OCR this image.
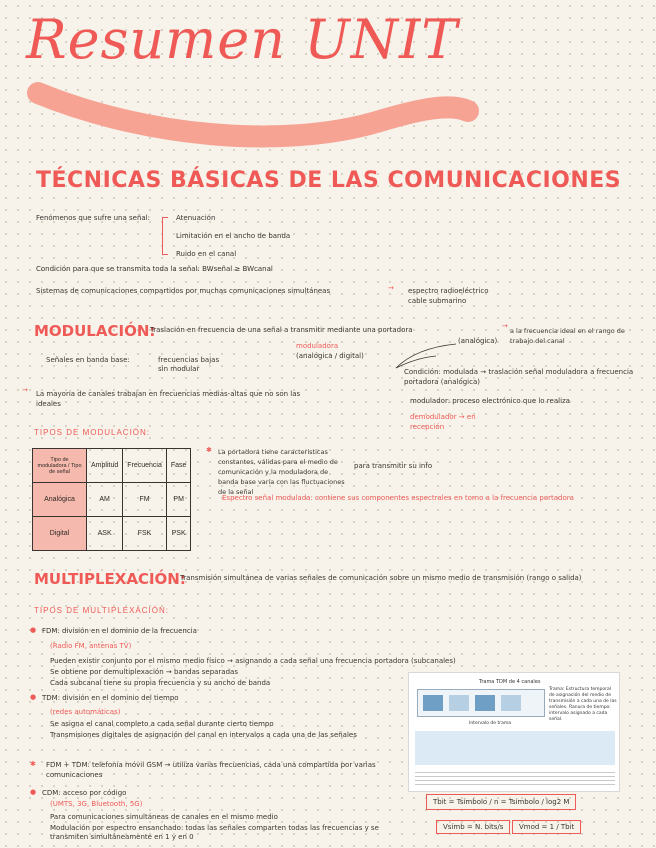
Resumen UNIT
TÉCNICAS BÁSICAS DE LAS COMUNICACIONES
Fenómenos que sufre una señal:	Atenuación
Limitación en el ancho de banda
Ruido en el canal
Condición para que se transmita toda la señal: BWseñal ≥ BWcanal
Sistemas de comunicaciones compartidos por muchas comunicaciones simultáneas	→ espectro radioeléctrico
cable submarino
MODULACIÓN:
Traslación en frecuencia de una señal a transmitir mediante una portadora	→
a la frecuencia ideal en el rango de trabajo del canal
(analógica)
moduladora
(analógica / digital)
Señales en banda base:	frecuencias bajas sin modular	Condición: modulada → traslación señal moduladora a frecuencia portadora (analógica)
→ La mayoría de canales trabajan en frecuencias medias-altas que no son las ideales	modulador: proceso electrónico que lo realiza
demodulador → en recepción
TIPOS DE MODULACIÓN:
Tipo de moduladora / Tipo de señal	Amplitud	Frecuencia	Fase
Analógica	AM	FM	PM
Digital	ASK	FSK	PSK
✱ La portadora tiene características constantes, válidas para el medio de comunicación y la moduladora de banda base varía con las fluctuaciones de la señal
para transmitir su info
Espectro señal modulada: contiene sus componentes espectrales en torno a la frecuencia portadora
MULTIPLEXACIÓN:
Transmisión simultánea de varias señales de comunicación sobre un mismo medio de transmisión (rango o salida)
TIPOS DE MULTIPLEXACIÓN:
● FDM: división en el dominio de la frecuencia
(Radio FM, antenas TV)
Pueden existir conjunto por el mismo medio físico → asignando a cada señal una frecuencia portadora (subcanales)
Se obtiene por demultiplexación → bandas separadas
Cada subcanal tiene su propia frecuencia y su ancho de banda
● TDM: división en el dominio del tiempo
(redes automáticas)
Se asigna el canal completo a cada señal durante cierto tiempo
Transmisiones digitales de asignación del canal en intervalos a cada una de las señales
✱ FDM + TDM: telefonía móvil GSM → utiliza varias frecuencias, cada una compartida por varias comunicaciones
● CDM: acceso por código
(UMTS, 3G, Bluetooth, 5G)
Para comunicaciones simultáneas de canales en el mismo medio
Modulación por espectro ensanchado: todas las señales comparten todas las frecuencias y se transmiten simultáneamente en 1 y en 0
Trama TDM de 4 canales
Trama: Estructura temporal de asignación del medio de transmisión a cada una de las señales. Ranura de tiempo: intervalo asignado a cada señal.
Intervalo de trama
Tbit = Tsímbolo / n = Tsímbolo / log2 M
Vsímb = N. bits/s	Vmod = 1 / Tbit
